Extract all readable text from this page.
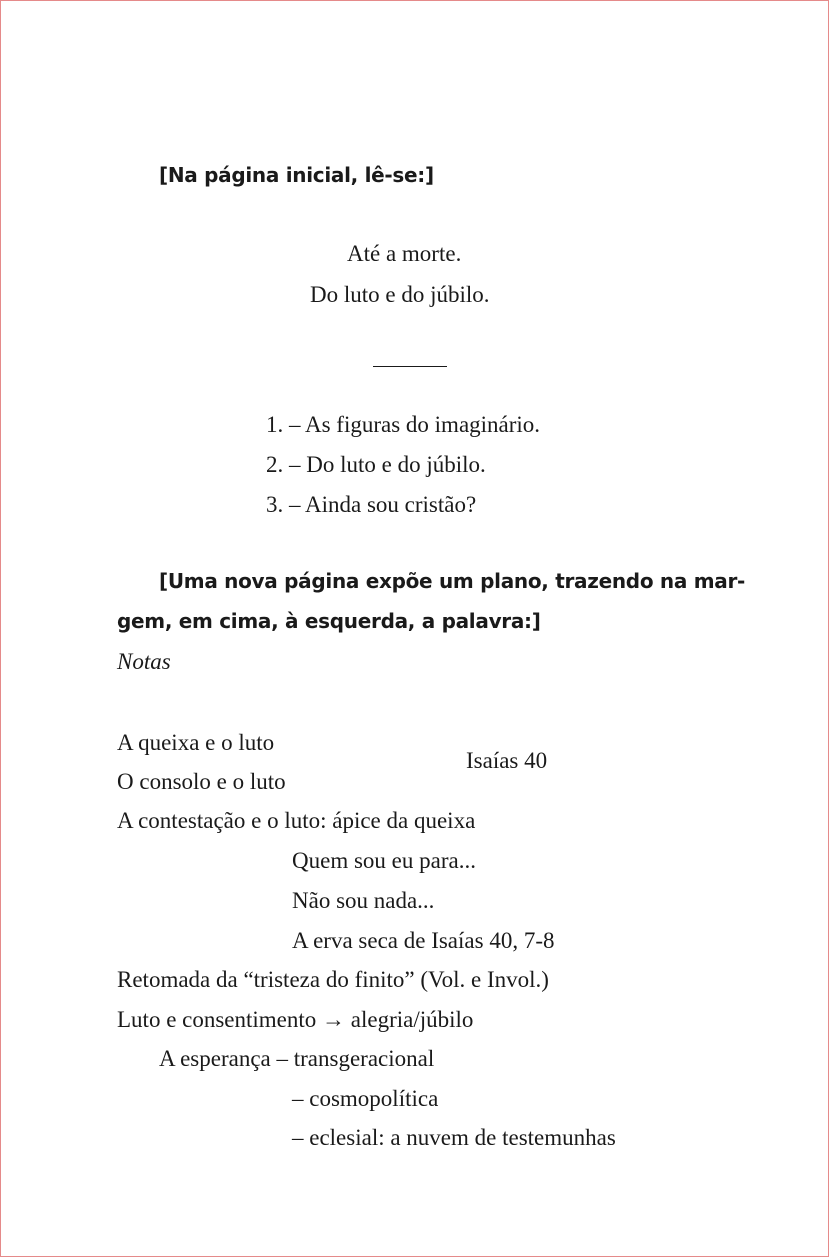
[Na página inicial, lê-se:]
Até a morte.
Do luto e do júbilo.
1. – As figuras do imaginário.
2. – Do luto e do júbilo.
3. – Ainda sou cristão?
[Uma nova página expõe um plano, trazendo na mar-
gem, em cima, à esquerda, a palavra:]
Notas
A queixa e o luto
O consolo e o luto
Isaías 40
A contestação e o luto: ápice da queixa
Quem sou eu para...
Não sou nada...
A erva seca de Isaías 40, 7-8
Retomada da “tristeza do finito” (Vol. e Invol.)
Luto e consentimento → alegria/júbilo
A esperança – transgeracional
– cosmopolítica
– eclesial: a nuvem de testemunhas
